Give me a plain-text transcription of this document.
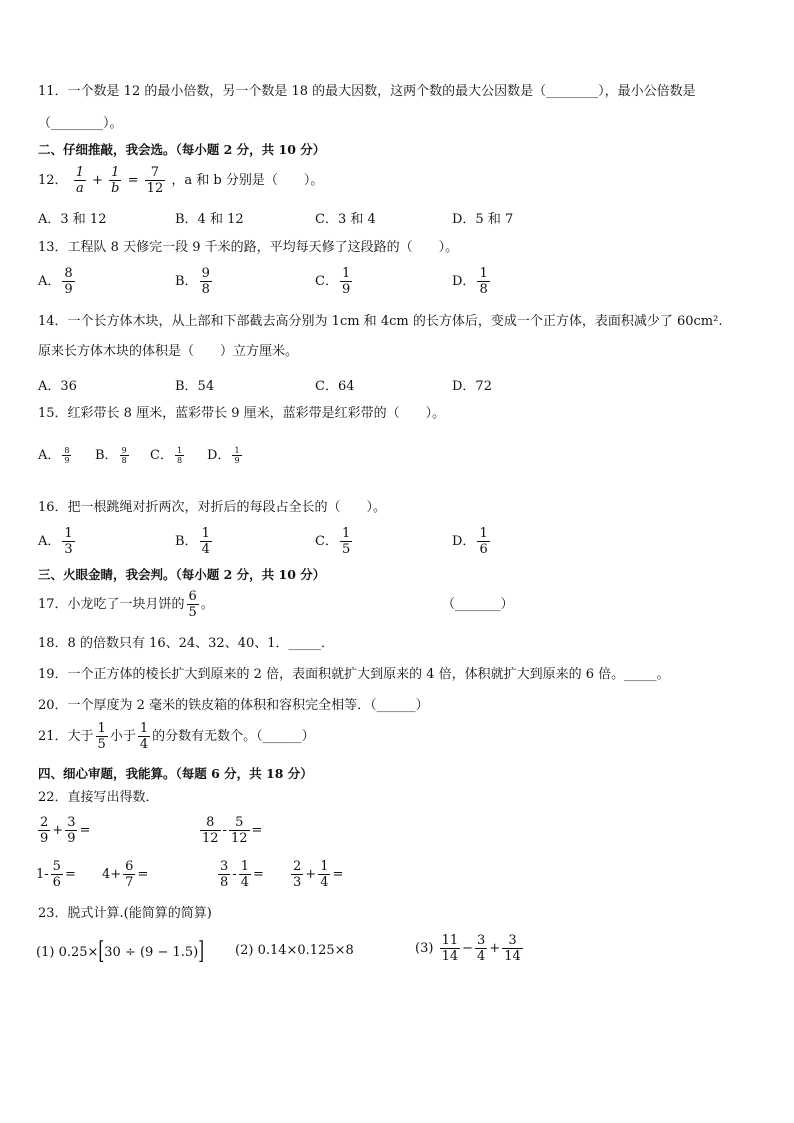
11．一个数是 12 的最小倍数，另一个数是 18 的最大因数，这两个数的最大公因数是（________），最小公倍数是
（________）。
二、仔细推敲，我会选。（每小题 2 分，共 10 分）
12． $\frac{1}{a} + \frac{1}{b} = \frac{7}{12}$ ，a 和 b 分别是（　　）。
A．3 和 12	B．4 和 12	C．3 和 4	D．5 和 7
13．工程队 8 天修完一段 9 千米的路，平均每天修了这段路的（　　）。
A． $\frac{8}{9}$	B． $\frac{9}{8}$	C． $\frac{1}{9}$	D． $\frac{1}{8}$
14．一个长方体木块，从上部和下部截去高分别为 1cm 和 4cm 的长方体后，变成一个正方体，表面积减少了 60cm².
原来长方体木块的体积是（　　）立方厘米。
A．36	B．54	C．64	D．72
15．红彩带长 8 厘米，蓝彩带长 9 厘米，蓝彩带是红彩带的（　　）。
A． $\frac{8}{9}$ B． $\frac{9}{8}$ C． $\frac{1}{8}$ D． $\frac{1}{9}$
16．把一根跳绳对折两次，对折后的每段占全长的（　　）。
A． $\frac{1}{3}$	B． $\frac{1}{4}$	C． $\frac{1}{5}$	D． $\frac{1}{6}$
三、火眼金睛，我会判。（每小题 2 分，共 10 分）
17．小龙吃了一块月饼的 $\frac{6}{5}$ 。	（_______）
18．8 的倍数只有 16、24、32、40、1．_____．
19．一个正方体的棱长扩大到原来的 2 倍，表面积就扩大到原来的 4 倍，体积就扩大到原来的 6 倍。_____。
20．一个厚度为 2 毫米的铁皮箱的体积和容积完全相等．（______）
21．大于 $\frac{1}{5}$ 小于 $\frac{1}{4}$ 的分数有无数个。（______）
四、细心审题，我能算。（每题 6 分，共 18 分）
22．直接写出得数．
$\frac{2}{9} + \frac{3}{9}$ =	$\frac{8}{12} - \frac{5}{12}$ =
$1- \frac{5}{6} = 4+ \frac{6}{7}$ =	$\frac{3}{8} - \frac{1}{4} = \frac{2}{3} + \frac{1}{4}$ =
23．脱式计算.(能简算的简算)
(1) 0.25×[30 ÷ (9 − 1.5)] (2) 0.14×0.125×8	$(3) \frac{11}{14} - \frac{3}{4} + \frac{3}{14}$
